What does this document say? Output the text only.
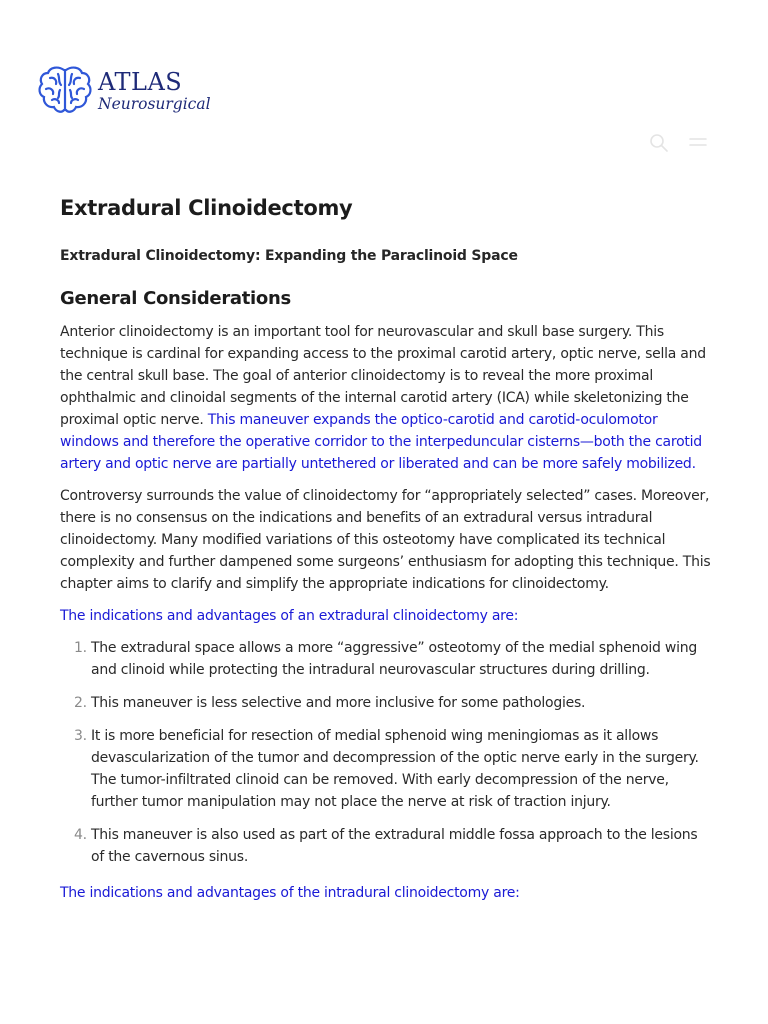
ATLAS
Neurosurgical
Extradural Clinoidectomy
Extradural Clinoidectomy: Expanding the Paraclinoid Space
General Considerations

Anterior clinoidectomy is an important tool for neurovascular and skull base surgery. This technique is cardinal for expanding access to the proximal carotid artery, optic nerve, sella and the central skull base. The goal of anterior clinoidectomy is to reveal the more proximal ophthalmic and clinoidal segments of the internal carotid artery (ICA) while skeletonizing the proximal optic nerve. This maneuver expands the optico-carotid and carotid-oculomotor windows and therefore the operative corridor to the interpeduncular cisterns—both the carotid artery and optic nerve are partially untethered or liberated and can be more safely mobilized.

Controversy surrounds the value of clinoidectomy for “appropriately selected” cases. Moreover, there is no consensus on the indications and benefits of an extradural versus intradural clinoidectomy. Many modified variations of this osteotomy have complicated its technical complexity and further dampened some surgeons’ enthusiasm for adopting this technique. This chapter aims to clarify and simplify the appropriate indications for clinoidectomy.

The indications and advantages of an extradural clinoidectomy are:

1. The extradural space allows a more “aggressive” osteotomy of the medial sphenoid wing and clinoid while protecting the intradural neurovascular structures during drilling.
2. This maneuver is less selective and more inclusive for some pathologies.
3. It is more beneficial for resection of medial sphenoid wing meningiomas as it allows devascularization of the tumor and decompression of the optic nerve early in the surgery. The tumor-infiltrated clinoid can be removed. With early decompression of the nerve, further tumor manipulation may not place the nerve at risk of traction injury.
4. This maneuver is also used as part of the extradural middle fossa approach to the lesions of the cavernous sinus.

The indications and advantages of the intradural clinoidectomy are:
